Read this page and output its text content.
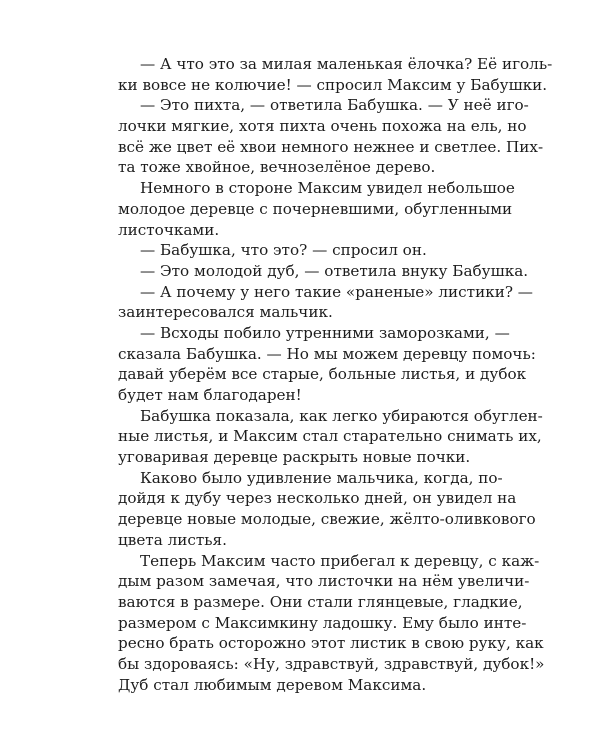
— А что это за милая маленькая ёлочка? Её иголь-
ки вовсе не колючие! — спросил Максим у Бабушки.
— Это пихта, — ответила Бабушка. — У неё иго-
лочки мягкие, хотя пихта очень похожа на ель, но
всё же цвет её хвои немного нежнее и светлее. Пих-
та тоже хвойное, вечнозелёное дерево.
Немного в стороне Максим увидел небольшое
молодое деревце с почерневшими, обугленными
листочками.
— Бабушка, что это? — спросил он.
— Это молодой дуб, — ответила внуку Бабушка.
— А почему у него такие «раненые» листики? —
заинтересовался мальчик.
— Всходы побило утренними заморозками, —
сказала Бабушка. — Но мы можем деревцу помочь:
давай уберём все старые, больные листья, и дубок
будет нам благодарен!
Бабушка показала, как легко убираются обуглен-
ные листья, и Максим стал старательно снимать их,
уговаривая деревце раскрыть новые почки.
Каково было удивление мальчика, когда, по-
дойдя к дубу через несколько дней, он увидел на
деревце новые молодые, свежие, жёлто-оливкового
цвета листья.
Теперь Максим часто прибегал к деревцу, с каж-
дым разом замечая, что листочки на нём увеличи-
ваются в размере. Они стали глянцевые, гладкие,
размером с Максимкину ладошку. Ему было инте-
ресно брать осторожно этот листик в свою руку, как
бы здороваясь: «Ну, здравствуй, здравствуй, дубок!»
Дуб стал любимым деревом Максима.
